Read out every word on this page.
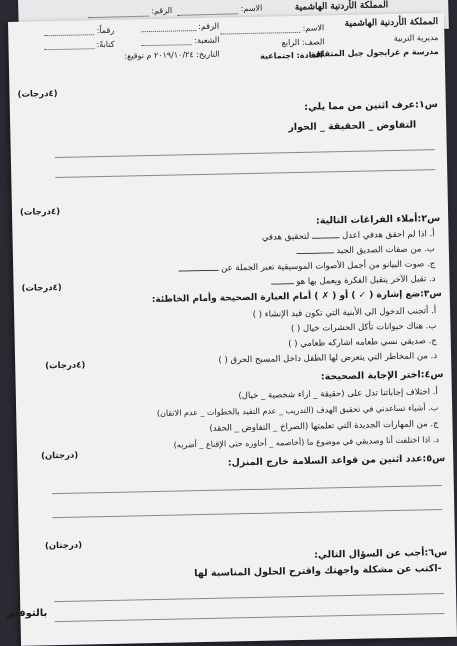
المملكة الأردنية الهاشمية الاسم: الرقم:
المملكة الأردنية الهاشمية
مديرية التربية
مدرسة م غرابجول جبل المتقلقة
الاسم:
الصف: الرابع
المادة: اجتماعية
الرقم:
الشعبة:
التاريخ: ٢٠١٩/١٠/٢٤ م توقيع:
رقماً:
كتابةً:
(٤درجات)
س١:عرف اثنين من مما يلي:
التفاوض _ الحقيقة _ الحوار
(٤درجات)
س٢:أملاء الفراغات التالية:
أ. اذا لم احقق هدفي اعدل ـــــــــــ لتحقيق هدفي
ب. من صفات الصديق الجيد ـــــــــــــــ
ج. صوت البيانو من أجمل الأصوات الموسيقية تعبر الجملة عن ــــــــــــــــ
د. تقبل الآخر يتقبل الفكرة ويعمل بها هو ـــــــــ
(٤درجات)
س٣:ضع إشارة ( ✓ ) أو ( ✗ ) أمام العبارة الصحيحة وأمام الخاطئة:
أ. أتجنب الدخول الى الأبنية التي تكون قيد الإنشاء ( )
ب. هناك حيوانات تأكل الحشرات خيال ( )
ج. صديقي نسي طعامه اشاركه طعامي ( )
د. من المخاطر التي يتعرض لها الطفل داخل المسبح الحرق ( )
(٤درجات)
س٤:اختر الإجابة الصحيحة:
أ. اختلاف إجاباتنا تدل على (حقيقة _ اراء شخصية _ خيال)
ب. أشياء تساعدني في تحقيق الهدف (التدريب _ عدم التقيد بالخطوات _ عدم الاتقان)
ج. من المهارات الجديدة التي تعلمتها (الصراخ _ التفاوض _ الحقد)
د. اذا اختلفت أنا وصديقي في موضوع ما (أخاصمه _ أحاوره حتى الإقناع _ أضربه)
(درجتان)	س٥:عدد اثنين من قواعد السلامة خارج المنزل:
(درجتان)
س٦:أجب عن السؤال التالي:
-اكتب عن مشكلة واجهتك واقترح الحلول المناسبة لها
بالتوفيق
